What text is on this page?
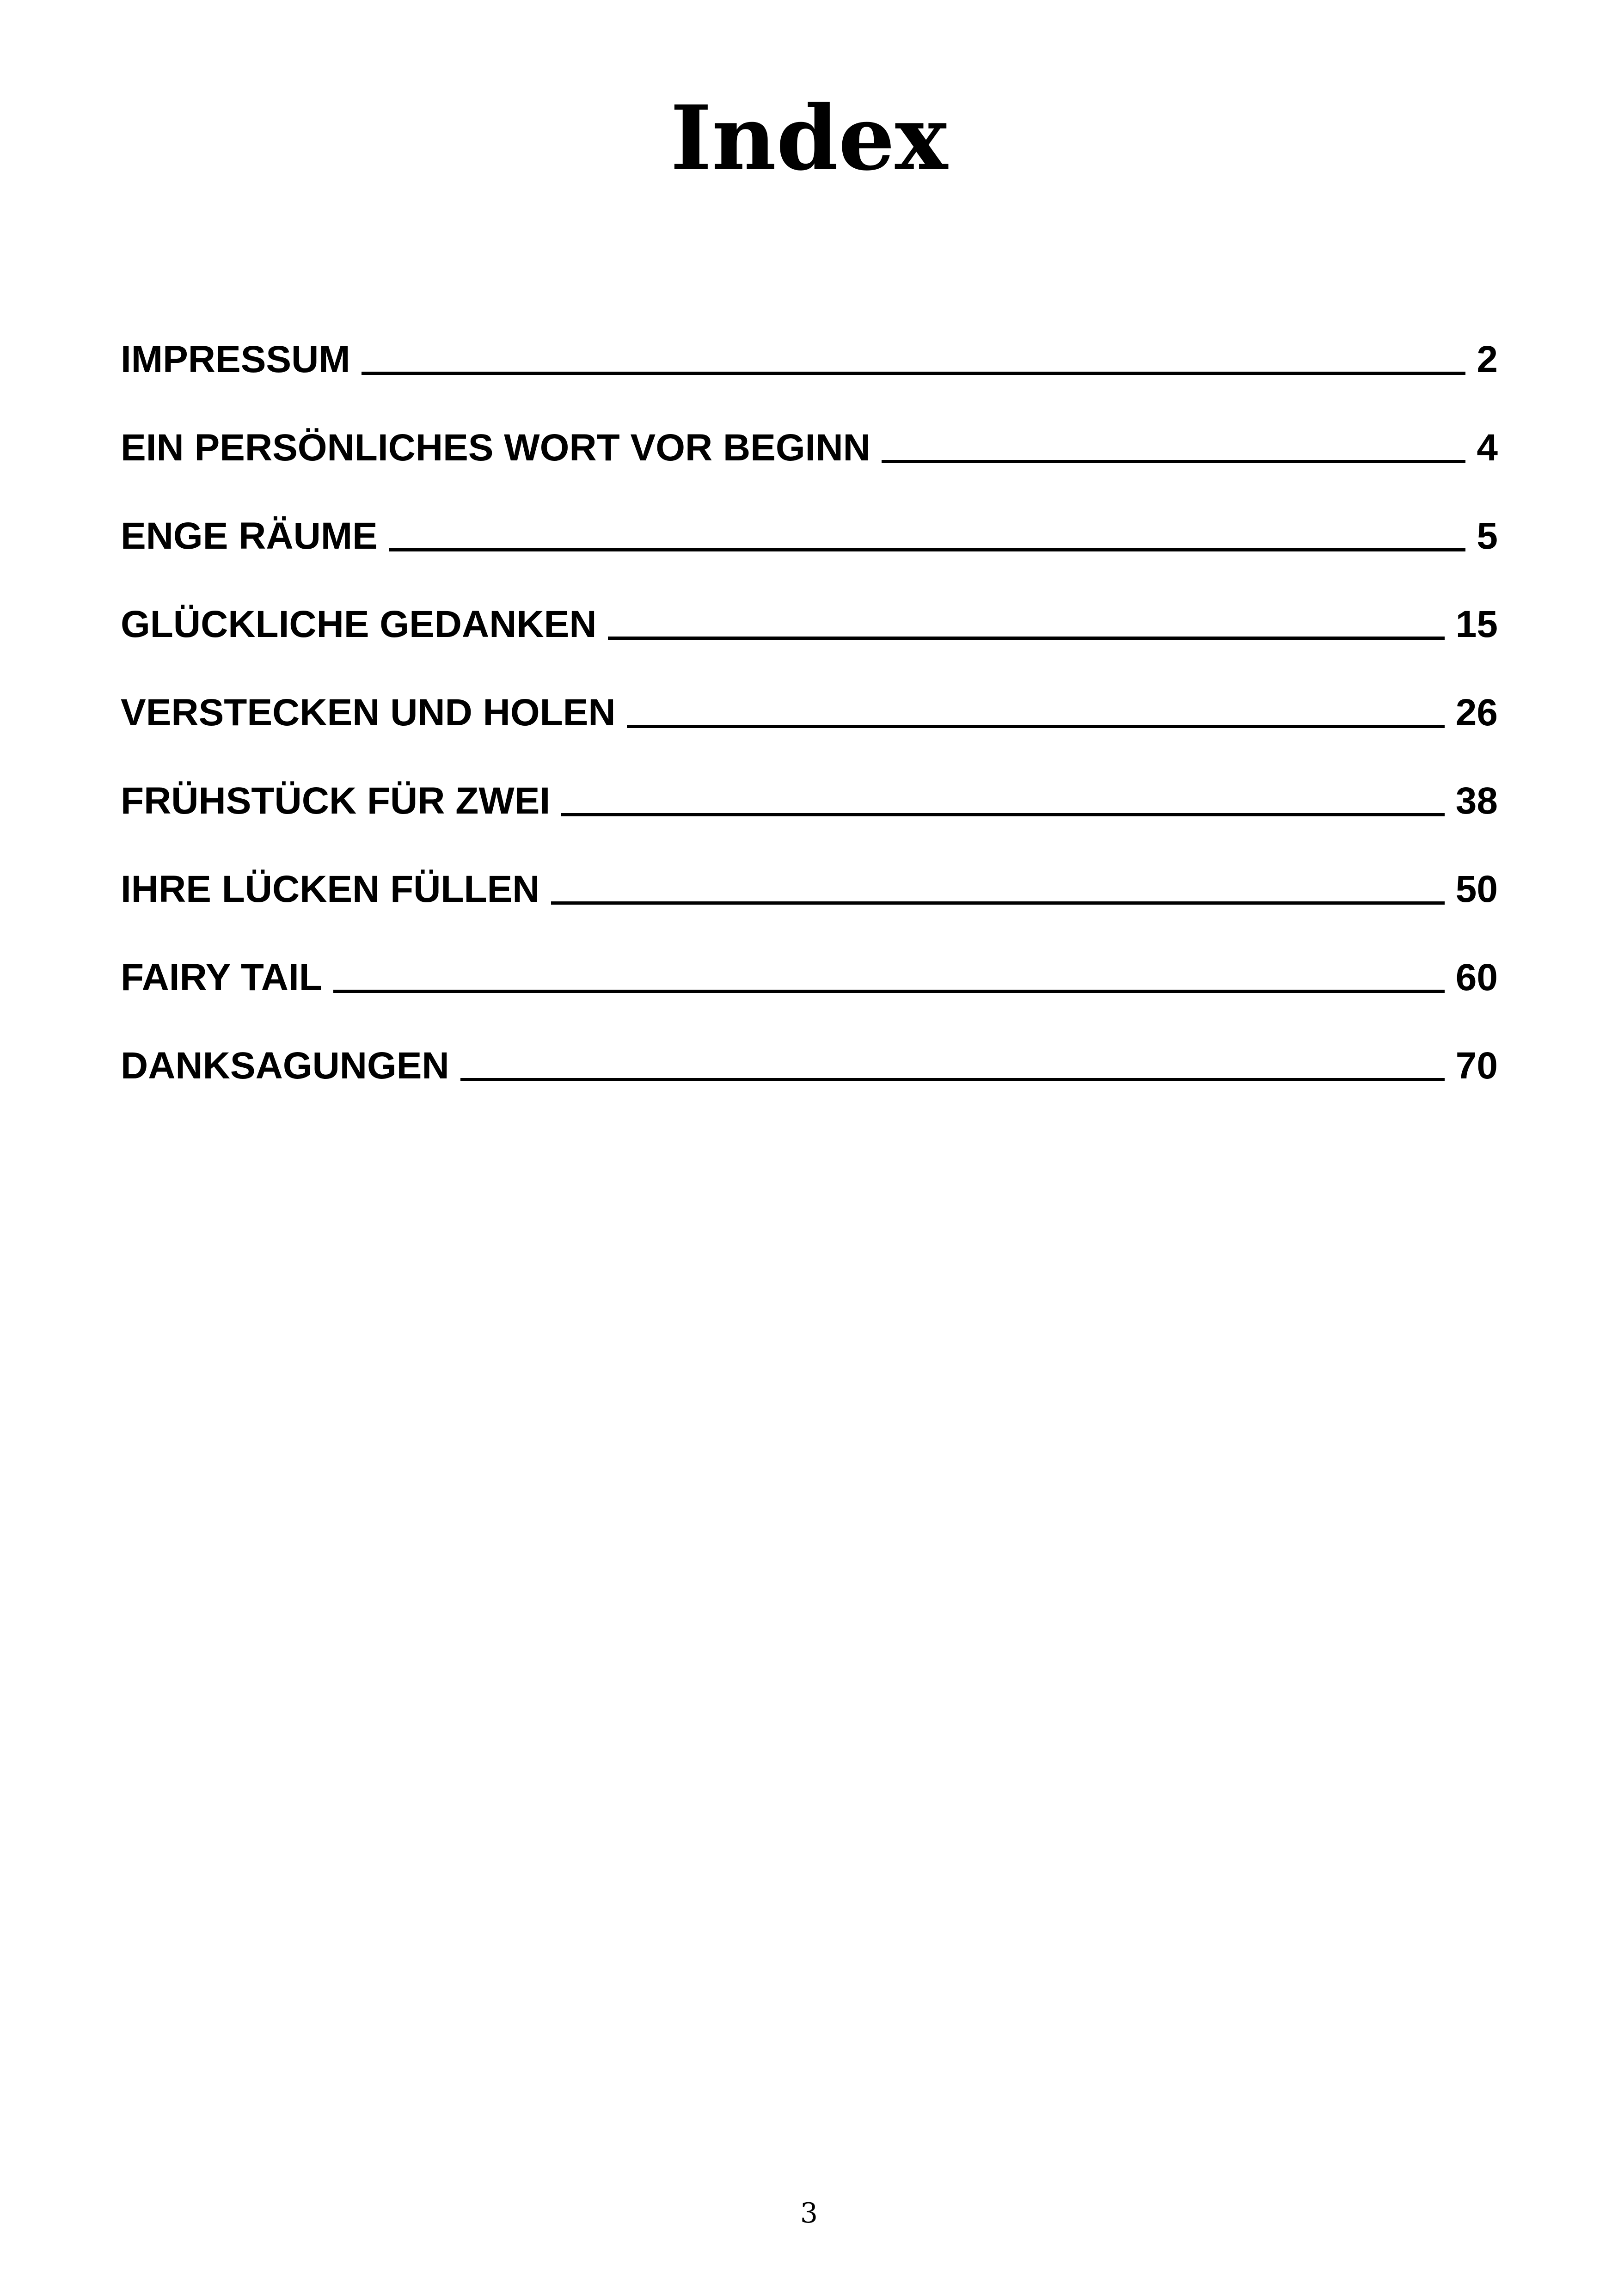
Index
IMPRESSUM	2
EIN PERSÖNLICHES WORT VOR BEGINN	4
ENGE RÄUME	5
GLÜCKLICHE GEDANKEN	15
VERSTECKEN UND HOLEN	26
FRÜHSTÜCK FÜR ZWEI	38
IHRE LÜCKEN FÜLLEN	50
FAIRY TAIL	60
DANKSAGUNGEN	70
3
